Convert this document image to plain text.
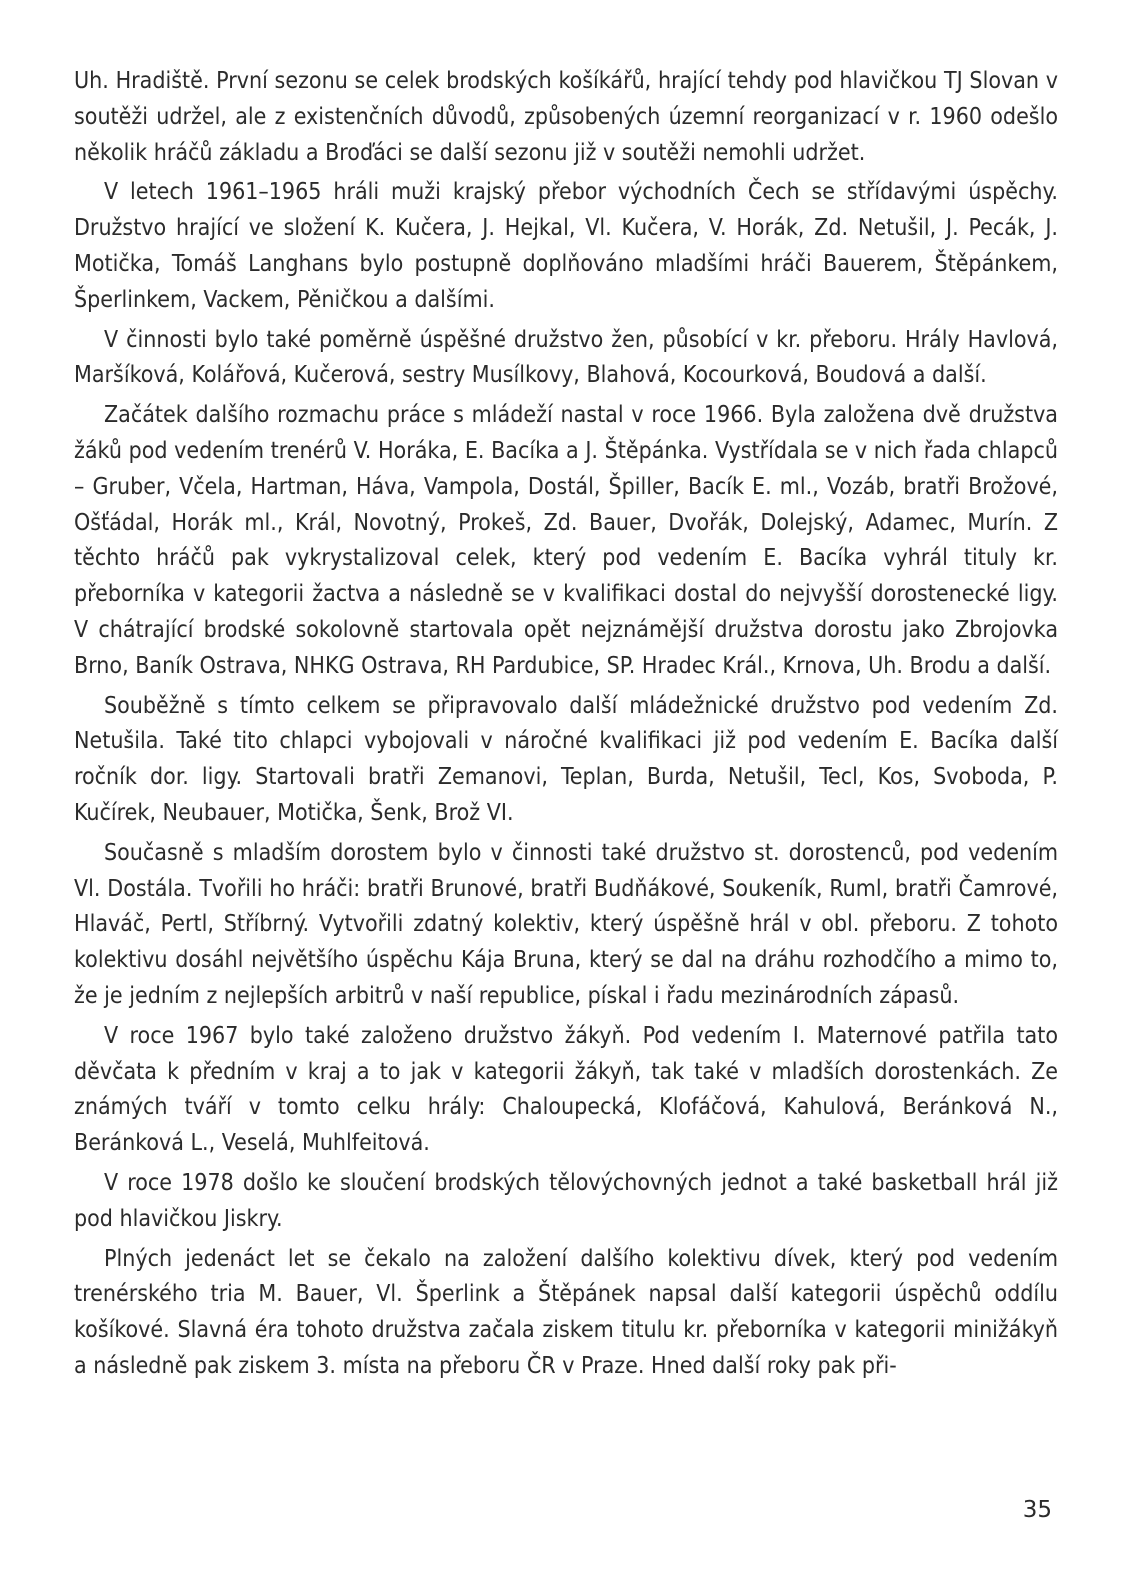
Uh. Hradiště. První sezonu se celek brodských košíkářů, hrající tehdy pod hlavičkou TJ Slovan v soutěži udržel, ale z existenčních důvodů, způsobených územní reorganizací v r. 1960 odešlo několik hráčů základu a Broďáci se další sezonu již v soutěži nemohli udržet.

V letech 1961–1965 hráli muži krajský přebor východních Čech se střídavými úspěchy. Družstvo hrající ve složení K. Kučera, J. Hejkal, Vl. Kučera, V. Horák, Zd. Netušil, J. Pecák, J. Motička, Tomáš Langhans bylo postupně doplňováno mladšími hráči Bauerem, Štěpánkem, Šperlinkem, Vackem, Pěničkou a dalšími.

V činnosti bylo také poměrně úspěšné družstvo žen, působící v kr. přeboru. Hrály Havlová, Maršíková, Kolářová, Kučerová, sestry Musílkovy, Blahová, Kocourková, Boudová a další.

Začátek dalšího rozmachu práce s mládeží nastal v roce 1966. Byla založena dvě družstva žáků pod vedením trenérů V. Horáka, E. Bacíka a J. Štěpánka. Vystřídala se v nich řada chlapců – Gruber, Včela, Hartman, Háva, Vampola, Dostál, Špiller, Bacík E. ml., Vozáb, bratři Brožové, Ošťádal, Horák ml., Král, Novotný, Prokeš, Zd. Bauer, Dvořák, Dolejský, Adamec, Murín. Z těchto hráčů pak vykrystalizoval celek, který pod vedením E. Bacíka vyhrál tituly kr. přeborníka v kategorii žactva a následně se v kvalifikaci dostal do nejvyšší dorostenecké ligy. V chátrající brodské sokolovně startovala opět nejznámější družstva dorostu jako Zbrojovka Brno, Baník Ostrava, NHKG Ostrava, RH Pardubice, SP. Hradec Král., Krnova, Uh. Brodu a další.

Souběžně s tímto celkem se připravovalo další mládežnické družstvo pod vedením Zd. Netušila. Také tito chlapci vybojovali v náročné kvalifikaci již pod vedením E. Bacíka další ročník dor. ligy. Startovali bratři Zemanovi, Teplan, Burda, Netušil, Tecl, Kos, Svoboda, P. Kučírek, Neubauer, Motička, Šenk, Brož VI.

Současně s mladším dorostem bylo v činnosti také družstvo st. dorostenců, pod vedením Vl. Dostála. Tvořili ho hráči: bratři Brunové, bratři Budňákové, Soukeník, Ruml, bratři Čamrové, Hlaváč, Pertl, Stříbrný. Vytvořili zdatný kolektiv, který úspěšně hrál v obl. přeboru. Z tohoto kolektivu dosáhl největšího úspěchu Kája Bruna, který se dal na dráhu rozhodčího a mimo to, že je jedním z nejlepších arbitrů v naší republice, pískal i řadu mezinárodních zápasů.

V roce 1967 bylo také založeno družstvo žákyň. Pod vedením I. Maternové patřila tato děvčata k předním v kraj a to jak v kategorii žákyň, tak také v mladších dorostenkách. Ze známých tváří v tomto celku hrály: Chaloupecká, Klofáčová, Kahulová, Beránková N., Beránková L., Veselá, Muhlfeitová.

V roce 1978 došlo ke sloučení brodských tělovýchovných jednot a také basketball hrál již pod hlavičkou Jiskry.

Plných jedenáct let se čekalo na založení dalšího kolektivu dívek, který pod vedením trenérského tria M. Bauer, Vl. Šperlink a Štěpánek napsal další kategorii úspěchů oddílu košíkové. Slavná éra tohoto družstva začala ziskem titulu kr. přeborníka v kategorii minižákyň a následně pak ziskem 3. místa na přeboru ČR v Praze. Hned další roky pak při-

35
